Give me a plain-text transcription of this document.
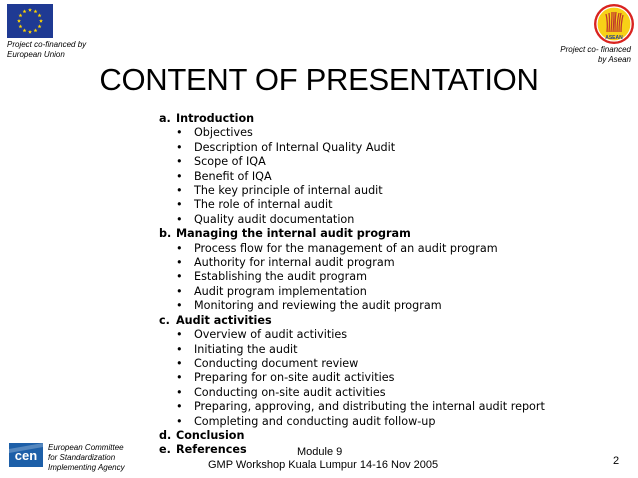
Project co-financed by
European Union
ASEAN
Project co- financed
by Asean
CONTENT OF PRESENTATION
a. Introduction
• Objectives
• Description of Internal Quality Audit
• Scope of IQA
• Benefit of IQA
• The key principle of internal audit
• The role of internal audit
• Quality audit documentation
b. Managing the internal audit program
• Process flow for the management of an audit program
• Authority for internal audit program
• Establishing the audit program
• Audit program implementation
• Monitoring and reviewing the audit program
c. Audit activities
• Overview of audit activities
• Initiating the audit
• Conducting document review
• Preparing for on-site audit activities
• Conducting on-site audit activities
• Preparing, approving, and distributing the internal audit report
• Completing and conducting audit follow-up
d. Conclusion
e. References
cen
European Committee
for Standardization
Implementing Agency
Module 9
GMP Workshop Kuala Lumpur 14-16 Nov 2005	2
